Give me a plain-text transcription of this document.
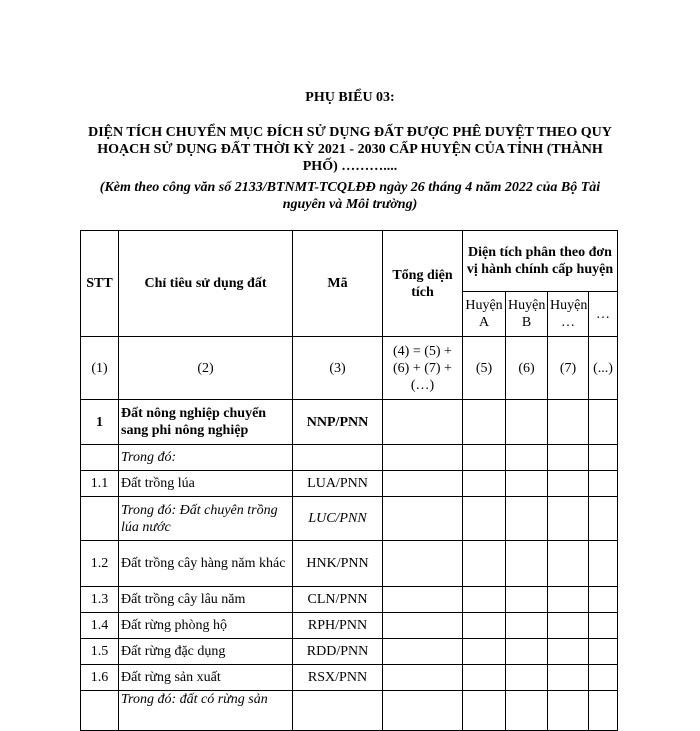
PHỤ BIỂU 03:
DIỆN TÍCH CHUYỂN MỤC ĐÍCH SỬ DỤNG ĐẤT ĐƯỢC PHÊ DUYỆT THEO QUY HOẠCH SỬ DỤNG ĐẤT THỜI KỲ 2021 - 2030 CẤP HUYỆN CỦA TỈNH (THÀNH PHỐ) ………....
(Kèm theo công văn số 2133/BTNMT-TCQLĐĐ ngày 26 tháng 4 năm 2022 của Bộ Tài nguyên và Môi trường)
STT	Chỉ tiêu sử dụng đất	Mã	Tổng diện tích	Diện tích phân theo đơn vị hành chính cấp huyện			
				Huyện A	Huyện B	Huyện …	…
(1)	(2)	(3)	(4) = (5) + (6) + (7) + (…)	(5)	(6)	(7)	(...)
1	Đất nông nghiệp chuyển sang phi nông nghiệp	NNP/PNN					
	Trong đó:						
1.1	Đất trồng lúa	LUA/PNN					
	Trong đó: Đất chuyên trồng lúa nước	LUC/PNN					
1.2	Đất trồng cây hàng năm khác	HNK/PNN					
1.3	Đất trồng cây lâu năm	CLN/PNN					
1.4	Đất rừng phòng hộ	RPH/PNN					
1.5	Đất rừng đặc dụng	RDD/PNN					
1.6	Đất rừng sản xuất	RSX/PNN					
	Trong đó: đất có rừng sản						
